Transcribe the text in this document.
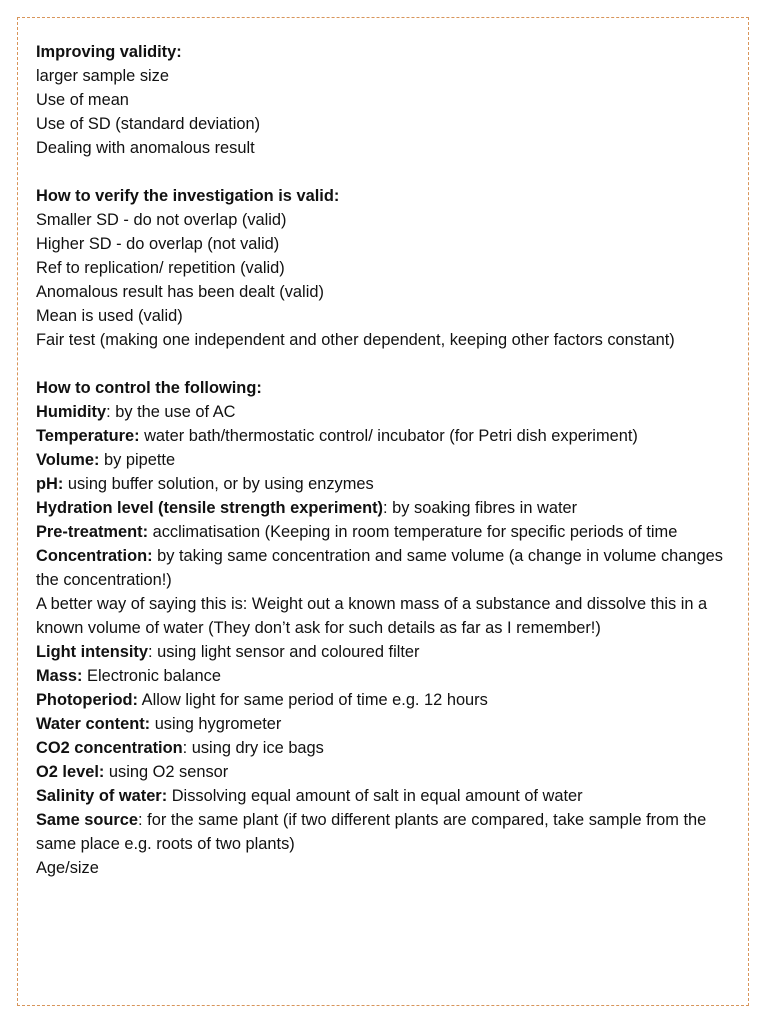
Improving validity:
larger sample size
Use of mean
Use of SD (standard deviation)
Dealing with anomalous result
How to verify the investigation is valid:
Smaller SD - do not overlap (valid)
Higher SD - do overlap (not valid)
Ref to replication/ repetition (valid)
Anomalous result has been dealt (valid)
Mean is used (valid)
Fair test (making one independent and other dependent, keeping other factors constant)
How to control the following:
Humidity: by the use of AC
Temperature: water bath/thermostatic control/ incubator (for Petri dish experiment)
Volume: by pipette
pH: using buffer solution, or by using enzymes
Hydration level (tensile strength experiment): by soaking fibres in water
Pre-treatment: acclimatisation (Keeping in room temperature for specific periods of time
Concentration: by taking same concentration and same volume (a change in volume changes the concentration!)
A better way of saying this is: Weight out a known mass of a substance and dissolve this in a known volume of water (They don’t ask for such details as far as I remember!)
Light intensity: using light sensor and coloured filter
Mass: Electronic balance
Photoperiod: Allow light for same period of time e.g. 12 hours
Water content: using hygrometer
CO2 concentration: using dry ice bags
O2 level: using O2 sensor
Salinity of water: Dissolving equal amount of salt in equal amount of water
Same source: for the same plant (if two different plants are compared, take sample from the same place e.g. roots of two plants)
Age/size
